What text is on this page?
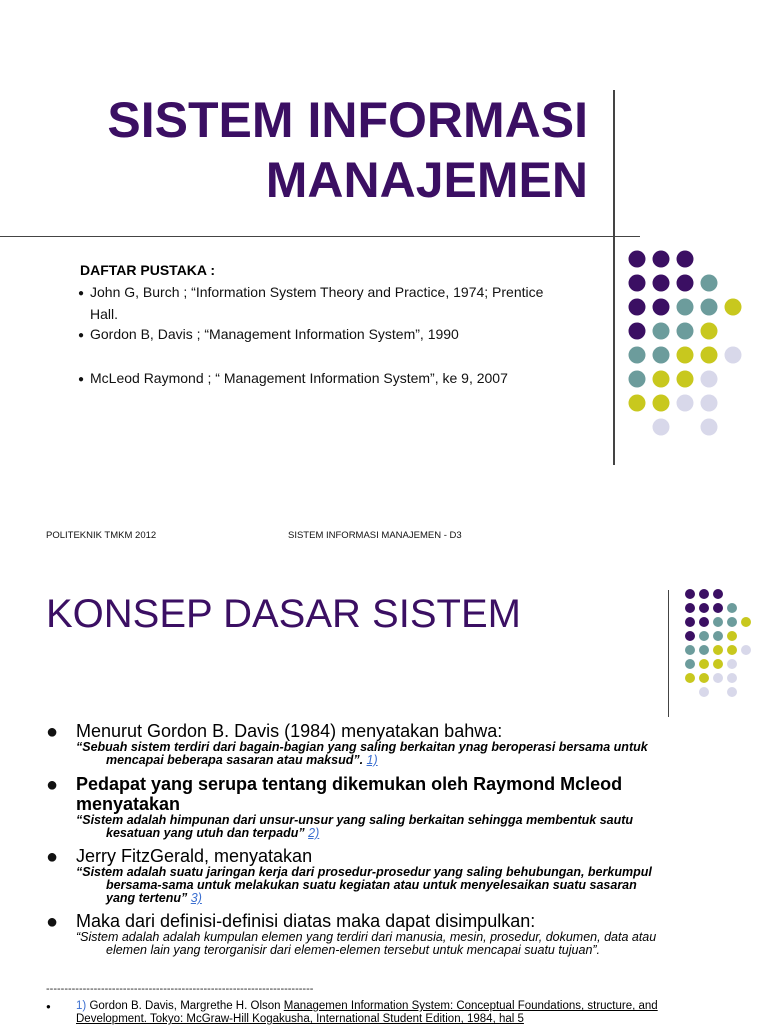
SISTEM INFORMASI
MANAJEMEN
DAFTAR PUSTAKA :
● John G, Burch ; “Information System Theory and Practice, 1974; Prentice
Hall.
● Gordon B, Davis ; “Management Information System”, 1990
● McLeod Raymond ; “ Management Information System”, ke 9, 2007
POLITEKNIK TMKM 2012	SISTEM INFORMASI MANAJEMEN - D3
KONSEP DASAR SISTEM
● Menurut Gordon B. Davis (1984) menyatakan bahwa:
“Sebuah sistem terdiri dari bagain-bagian yang saling berkaitan ynag beroperasi bersama untuk
mencapai beberapa sasaran atau maksud”. 1)
● Pedapat yang serupa tentang dikemukan oleh Raymond Mcleod
menyatakan
“Sistem adalah himpunan dari unsur-unsur yang saling berkaitan sehingga membentuk sautu
kesatuan yang utuh dan terpadu” 2)
● Jerry FitzGerald, menyatakan
“Sistem adalah suatu jaringan kerja dari prosedur-prosedur yang saling behubungan, berkumpul
bersama-sama untuk melakukan suatu kegiatan atau untuk menyelesaikan suatu sasaran
yang tertenu” 3)
● Maka dari definisi-definisi diatas maka dapat disimpulkan:
“Sistem adalah adalah kumpulan elemen yang terdiri dari manusia, mesin, prosedur, dokumen, data atau
elemen lain yang terorganisir dari elemen-elemen tersebut untuk mencapai suatu tujuan”.
-------------------------------------------------------------------------
● 1) Gordon B. Davis, Margrethe H. Olson Managemen Information System: Conceptual Foundations, structure, and
Development. Tokyo: McGraw-Hill Kogakusha, International Student Edition, 1984, hal 5
